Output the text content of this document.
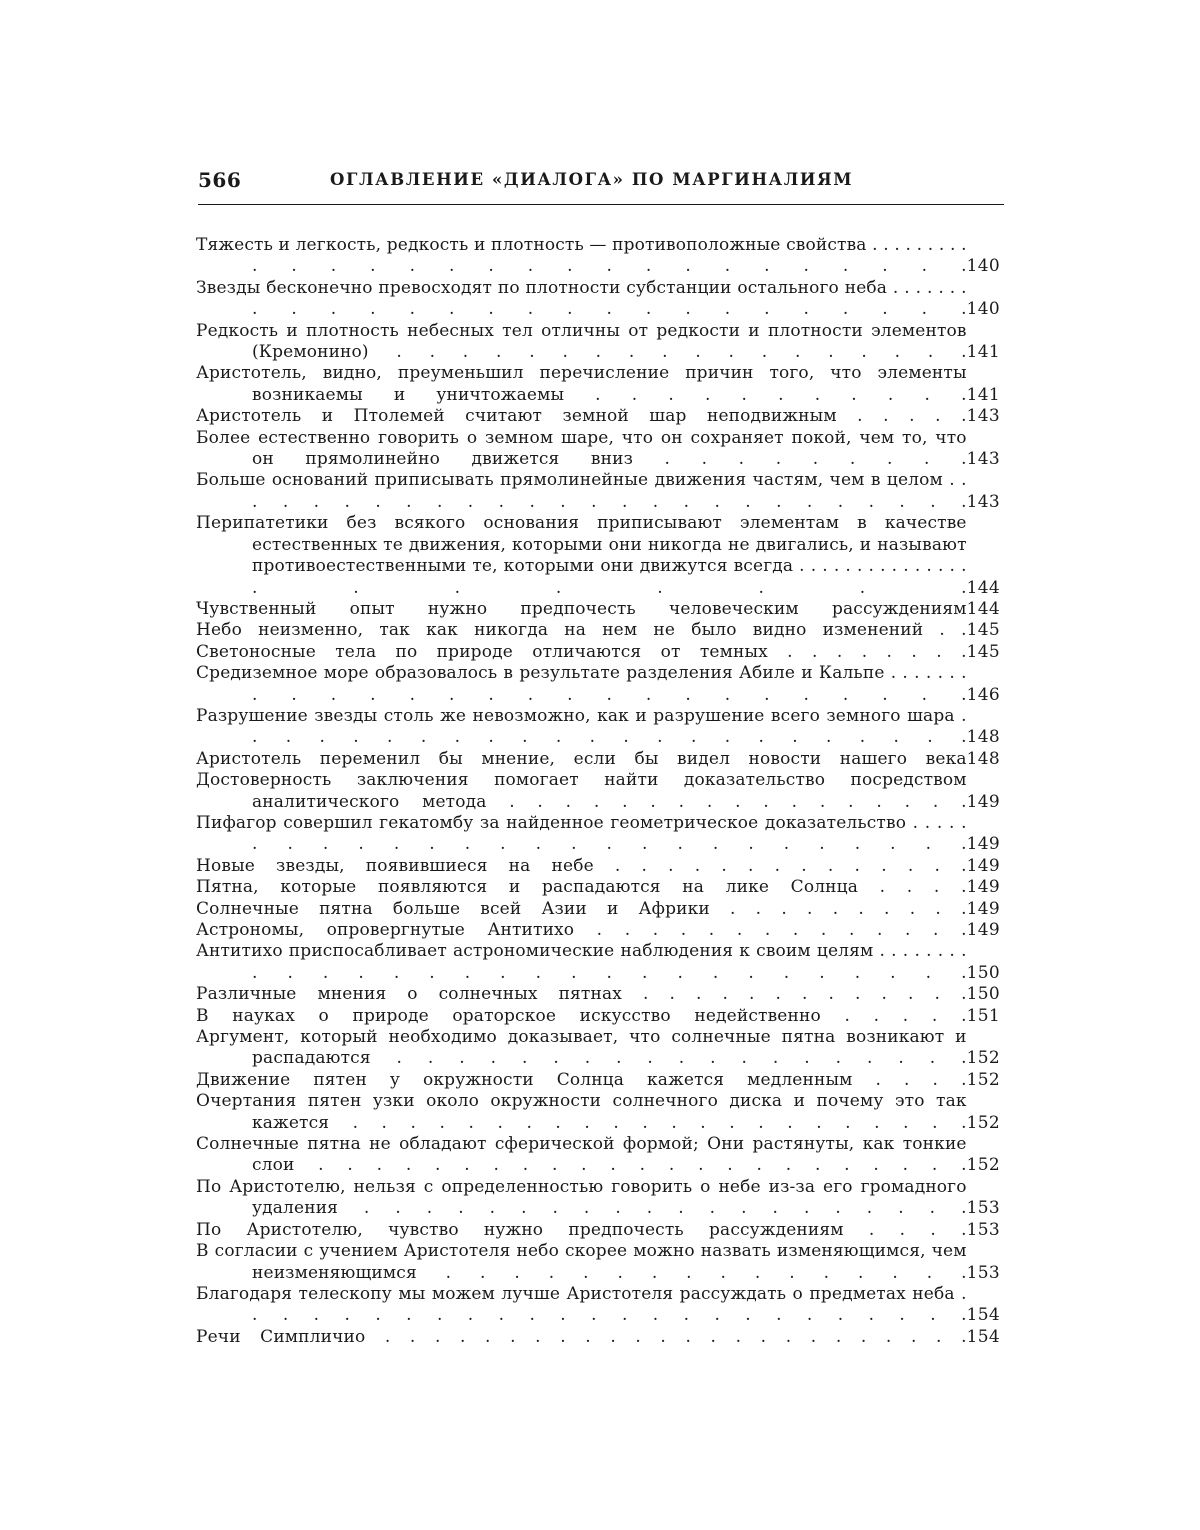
566	ОГЛАВЛЕНИЕ «ДИАЛОГА» ПО МАРГИНАЛИЯМ
Тяжесть и легкость, редкость и плотность — противоположные свойства . . . . . . . . . . . . . . . . . . . . . . . . . . . . 140
Звезды бесконечно превосходят по плотности субстанции остального неба . . . . . . . . . . . . . . . . . . . . . . . . . . 140
Редкость и плотность небесных тел отличны от редкости и плотности элементов (Кремонино) . . . . . . . . . . . . . . . . . . 141
Аристотель, видно, преуменьшил перечисление причин того, что элементы возникаемы и уничтожаемы . . . . . . . . . . . 141
Аристотель и Птолемей считают земной шар неподвижным . . . . . 143
Более естественно говорить о земном шаре, что он сохраняет покой, чем то, что он прямолинейно движется вниз . . . . . . . . . 143
Больше оснований приписывать прямолинейные движения частям, чем в целом . . . . . . . . . . . . . . . . . . . . . . . . . . 143
Перипатетики без всякого основания приписывают элементам в качестве естественных те движения, которыми они никогда не двигались, и называют противоестественными те, которыми они движутся всегда . . . . . . . . . . . . . . . . . . . . . . . 144
Чувственный опыт нужно предпочесть человеческим рассуждениям 144
Небо неизменно, так как никогда на нем не было видно изменений . . 145
Светоносные тела по природе отличаются от темных . . . . . . . . 145
Средиземное море образовалось в результате разделения Абиле и Кальпе . . . . . . . . . . . . . . . . . . . . . . . . . . 146
Разрушение звезды столь же невозможно, как и разрушение всего земного шара . . . . . . . . . . . . . . . . . . . . . . . 148
Аристотель переменил бы мнение, если бы видел новости нашего века 148
Достоверность заключения помогает найти доказательство посредством аналитического метода . . . . . . . . . . . . . . . . . 149
Пифагор совершил гекатомбу за найденное геометрическое доказательство . . . . . . . . . . . . . . . . . . . . . . . . . . 149
Новые звезды, появившиеся на небе . . . . . . . . . . . . . . 149
Пятна, которые появляются и распадаются на лике Солнца . . . . 149
Солнечные пятна больше всей Азии и Африки . . . . . . . . . . 149
Астрономы, опровергнутые Антитихо . . . . . . . . . . . . . . 149
Антитихо приспосабливает астрономические наблюдения к своим целям . . . . . . . . . . . . . . . . . . . . . . . . . . . . . 150
Различные мнения о солнечных пятнах . . . . . . . . . . . . . 150
В науках о природе ораторское искусство недейственно . . . . . 151
Аргумент, который необходимо доказывает, что солнечные пятна возникают и распадаются . . . . . . . . . . . . . . . . . . . 152
Движение пятен у окружности Солнца кажется медленным . . . . 152
Очертания пятен узки около окружности солнечного диска и почему это так кажется . . . . . . . . . . . . . . . . . . . . . . 152
Солнечные пятна не обладают сферической формой; Они растянуты, как тонкие слои . . . . . . . . . . . . . . . . . . . . . . . 152
По Аристотелю, нельзя с определенностью говорить о небе из-за его громадного удаления . . . . . . . . . . . . . . . . . . . . 153
По Аристотелю, чувство нужно предпочесть рассуждениям . . . . 153
В согласии с учением Аристотеля небо скорее можно назвать изменяющимся, чем неизменяющимся . . . . . . . . . . . . . . . . 153
Благодаря телескопу мы можем лучше Аристотеля рассуждать о предметах неба . . . . . . . . . . . . . . . . . . . . . . . . . 154
Речи Симпличио . . . . . . . . . . . . . . . . . . . . . . . . 154
